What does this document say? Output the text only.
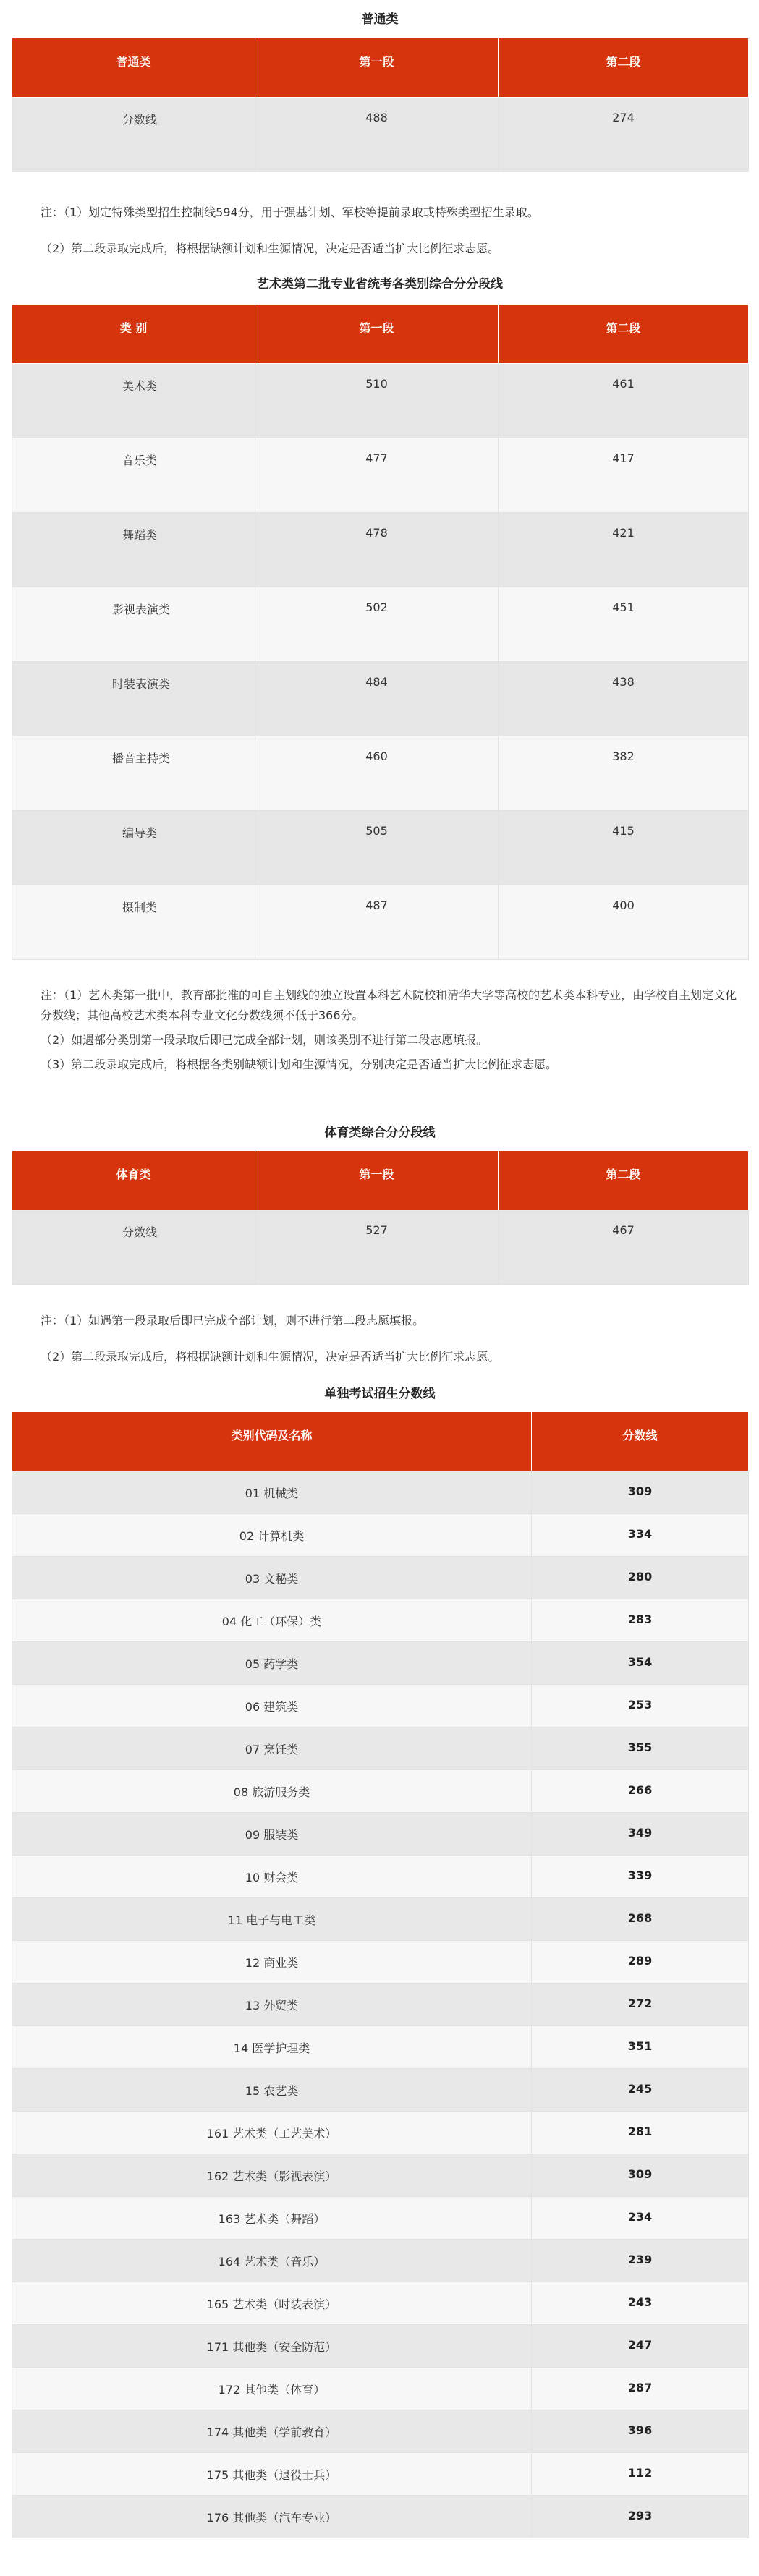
普通类
普通类	第一段	第二段
分数线	488	274
注：（1）划定特殊类型招生控制线594分，用于强基计划、军校等提前录取或特殊类型招生录取。
（2）第二段录取完成后，将根据缺额计划和生源情况，决定是否适当扩大比例征求志愿。
艺术类第二批专业省统考各类别综合分分段线
类 别	第一段	第二段
美术类	510	461
音乐类	477	417
舞蹈类	478	421
影视表演类	502	451
时装表演类	484	438
播音主持类	460	382
编导类	505	415
摄制类	487	400
注：（1）艺术类第一批中，教育部批准的可自主划线的独立设置本科艺术院校和清华大学等高校的艺术类本科专业，由学校自主划定文化分数线；其他高校艺术类本科专业文化分数线须不低于366分。
（2）如遇部分类别第一段录取后即已完成全部计划，则该类别不进行第二段志愿填报。
（3）第二段录取完成后，将根据各类别缺额计划和生源情况，分别决定是否适当扩大比例征求志愿。
体育类综合分分段线
体育类	第一段	第二段
分数线	527	467
注：（1）如遇第一段录取后即已完成全部计划，则不进行第二段志愿填报。
（2）第二段录取完成后，将根据缺额计划和生源情况，决定是否适当扩大比例征求志愿。
单独考试招生分数线
类别代码及名称	分数线
01 机械类	309
02 计算机类	334
03 文秘类	280
04 化工（环保）类	283
05 药学类	354
06 建筑类	253
07 烹饪类	355
08 旅游服务类	266
09 服装类	349
10 财会类	339
11 电子与电工类	268
12 商业类	289
13 外贸类	272
14 医学护理类	351
15 农艺类	245
161 艺术类（工艺美术）	281
162 艺术类（影视表演）	309
163 艺术类（舞蹈）	234
164 艺术类（音乐）	239
165 艺术类（时装表演）	243
171 其他类（安全防范）	247
172 其他类（体育）	287
174 其他类（学前教育）	396
175 其他类（退役士兵）	112
176 其他类（汽车专业）	293
